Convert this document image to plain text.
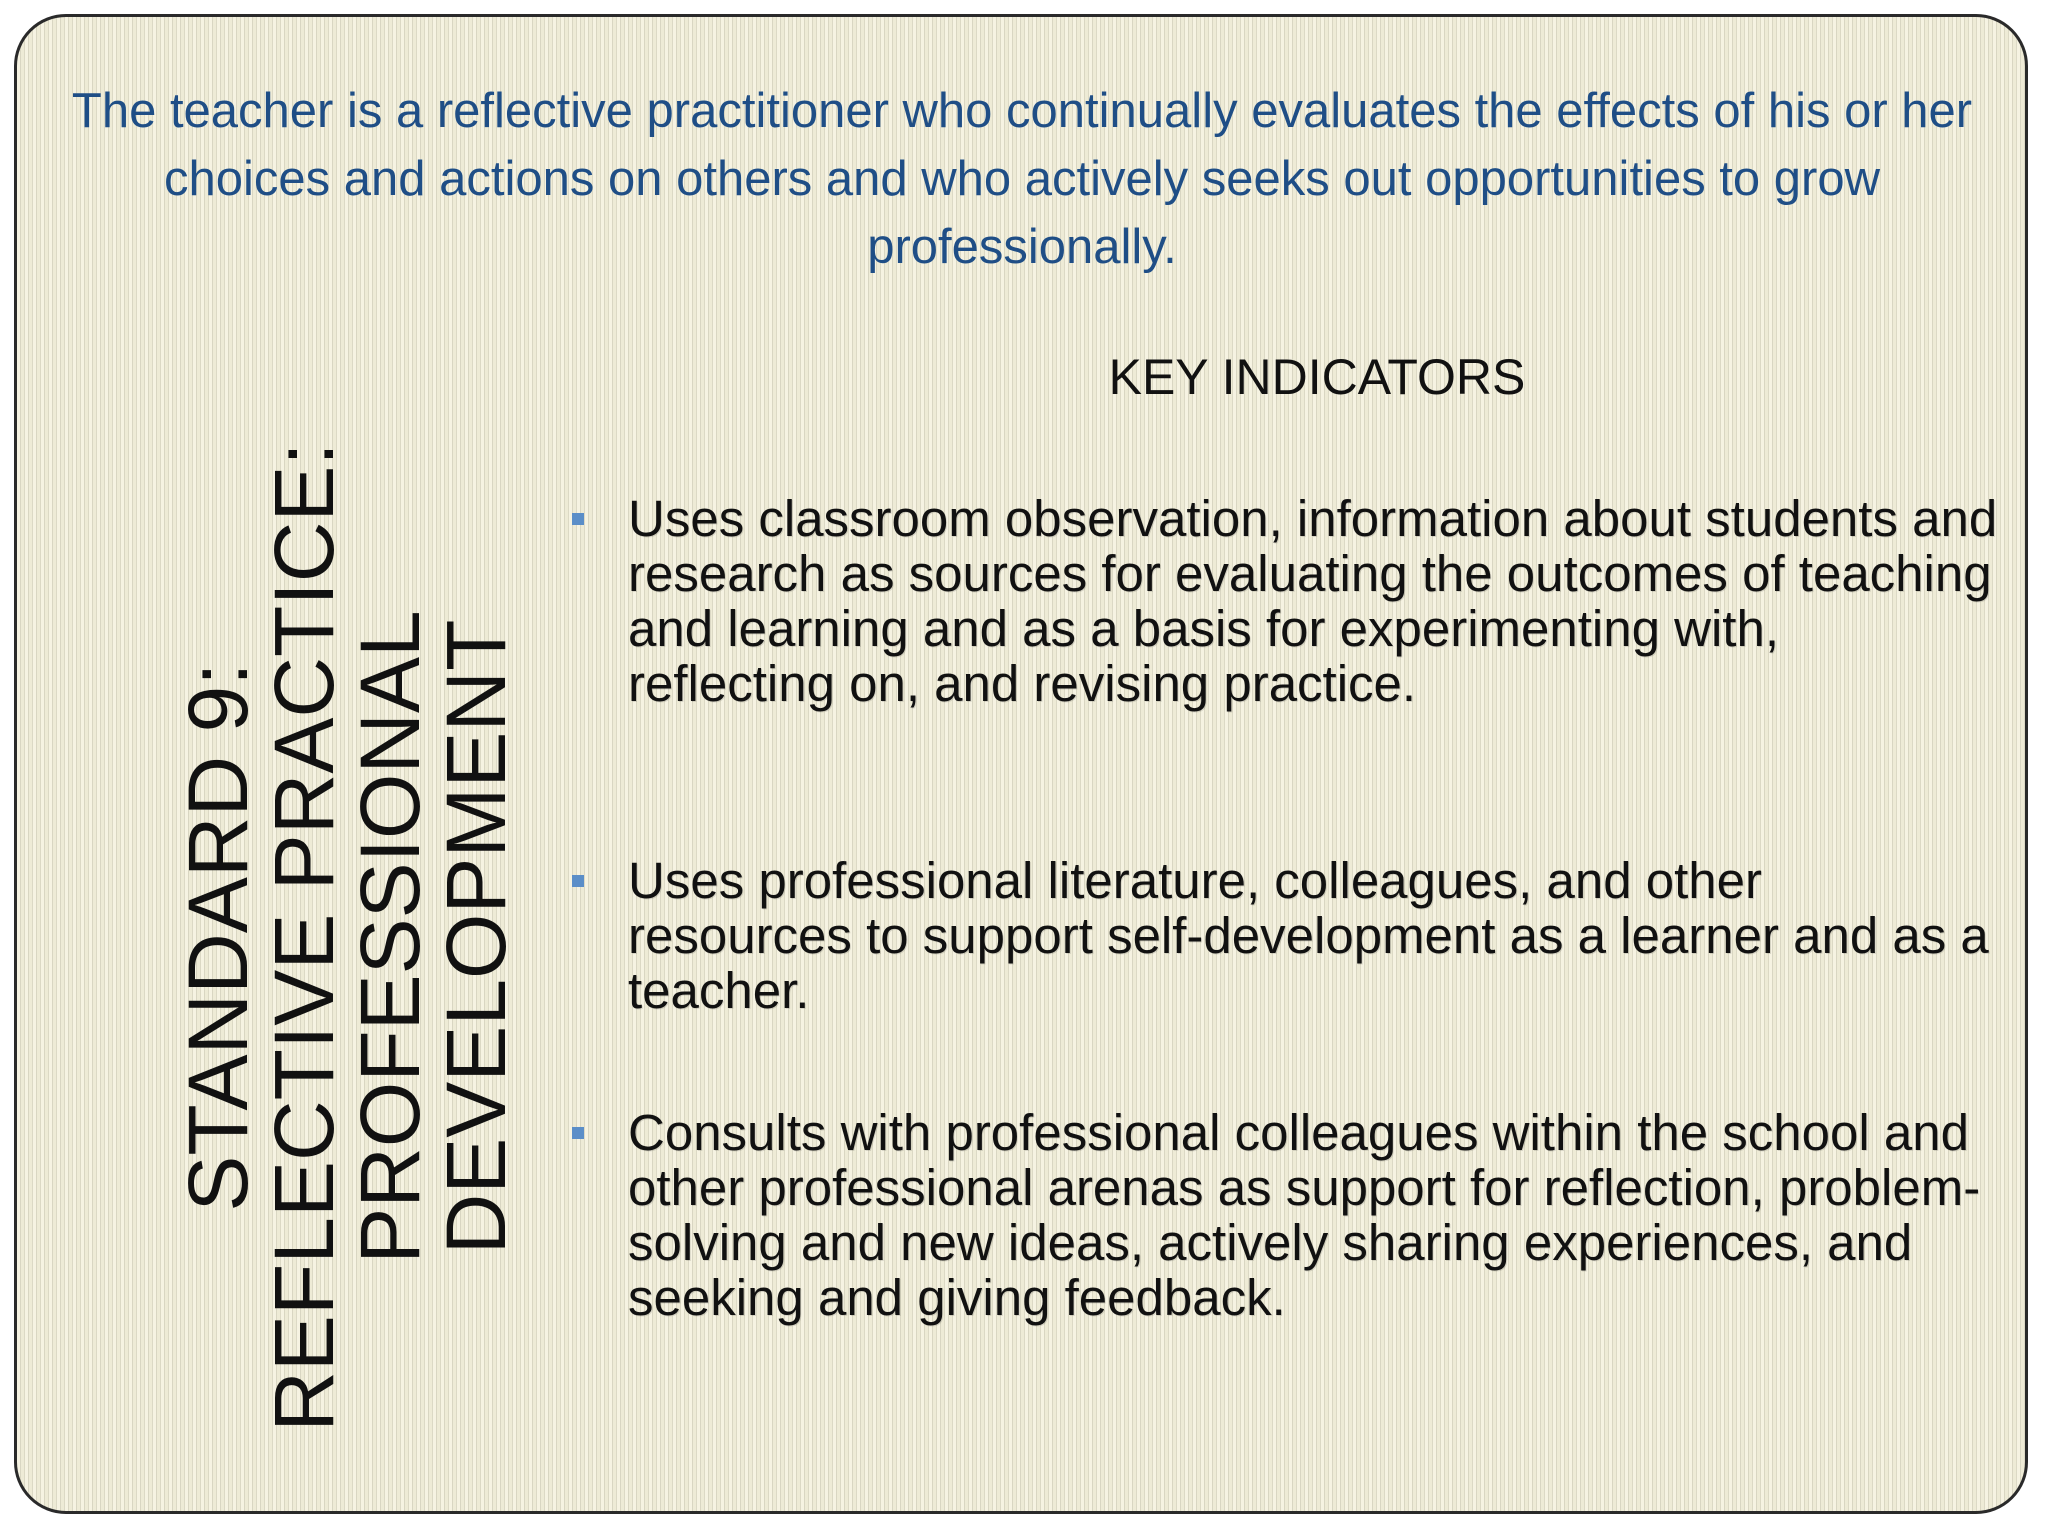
The teacher is a reflective practitioner who continually evaluates the effects of his or her choices and actions on others and who actively seeks out opportunities to grow professionally.

STANDARD 9:
REFLECTIVE PRACTICE:
PROFESSIONAL
DEVELOPMENT
KEY INDICATORS
Uses classroom observation, information about students and research as sources for evaluating the outcomes of teaching and learning and as a basis for experimenting with, reflecting on, and revising practice.
Uses professional literature, colleagues, and other resources to support self-development as a learner and as a teacher.
Consults with professional colleagues within the school and other professional arenas as support for reflection, problem-solving and new ideas, actively sharing experiences, and seeking and giving feedback.
